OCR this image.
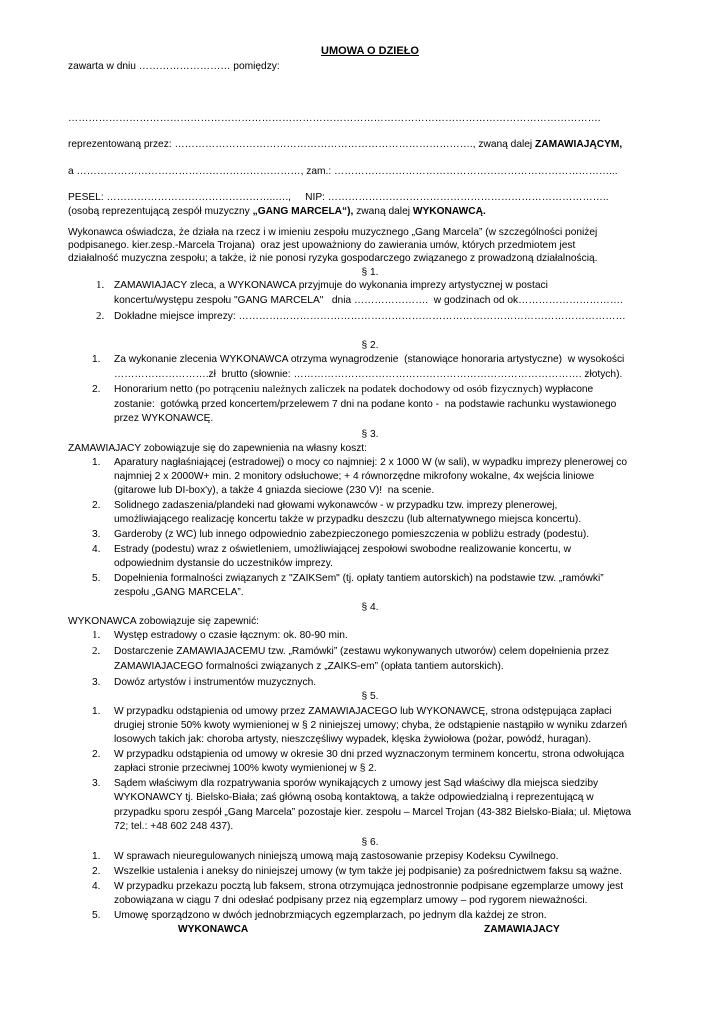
UMOWA O DZIEŁO
zawarta w dniu ……………………… pomiędzy:
………………………………………………………………………………………………………………………………………….
reprezentowaną przez: ……………………………………………………………………………., zwaną dalej ZAMAWIAJĄCYM,
a …………………………………………………………, zam.: ………………………………………………………………………...
PESEL: …………………………………………..….,     NIP: ………………………………………………………………………..
(osobą reprezentującą zespół muzyczny „GANG MARCELA“), zwaną dalej WYKONAWCĄ.
Wykonawca oświadcza, że działa na rzecz i w imieniu zespołu muzycznego „Gang Marcela” (w szczególności poniżej
podpisanego. kier.zesp.-Marcela Trojana)  oraz jest upoważniony do zawierania umów, których przedmiotem jest
działalność muzyczna zespołu; a także, iż nie ponosi ryzyka gospodarczego związanego z prowadzoną działalnością.
§ 1.
1. ZAMAWIAJACY zleca, a WYKONAWCA przyjmuje do wykonania imprezy artystycznej w postaci
koncertu/występu zespołu "GANG MARCELA"   dnia ………………….  w godzinach od ok………………………….
2. Dokładne miejsce imprezy: ……………………………………………………………………………………………………
§ 2.
1. Za wykonanie zlecenia WYKONAWCA otrzyma wynagrodzenie  (stanowiące honoraria artystyczne)  w wysokości
……………………….zł  brutto (słownie: …………………………………………………………………………. złotych).
2. Honorarium netto (po potrąceniu należnych zaliczek na podatek dochodowy od osób fizycznych) wypłacone
zostanie:  gotówką przed koncertem/przelewem 7 dni na podane konto -  na podstawie rachunku wystawionego
przez WYKONAWCĘ.
§ 3.
ZAMAWIAJACY zobowiązuje się do zapewnienia na własny koszt:
1. Aparatury nagłaśniającej (estradowej) o mocy co najmniej: 2 x 1000 W (w sali), w wypadku imprezy plenerowej co
najmniej 2 x 2000W+ min. 2 monitory odsłuchowe; + 4 równorzędne mikrofony wokalne, 4x wejścia liniowe
(gitarowe lub DI-box'y), a także 4 gniazda sieciowe (230 V)!  na scenie.
2. Solidnego zadaszenia/plandeki nad głowami wykonawców - w przypadku tzw. imprezy plenerowej,
umożliwiającego realizację koncertu także w przypadku deszczu (lub alternatywnego miejsca koncertu).
3. Garderoby (z WC) lub innego odpowiednio zabezpieczonego pomieszczenia w pobliżu estrady (podestu).
4. Estrady (podestu) wraz z oświetleniem, umożliwiającej zespołowi swobodne realizowanie koncertu, w
odpowiednim dystansie do uczestników imprezy.
5. Dopełnienia formalności związanych z "ZAIKSem" (tj. opłaty tantiem autorskich) na podstawie tzw. „ramówki”
zespołu „GANG MARCELA”.
§ 4.
WYKONAWCA zobowiązuje się zapewnić:
1. Występ estradowy o czasie łącznym: ok. 80-90 min.
2. Dostarczenie ZAMAWIAJACEMU tzw. „Ramówki” (zestawu wykonywanych utworów) celem dopełnienia przez
ZAMAWIAJACEGO formalności związanych z „ZAIKS-em” (opłata tantiem autorskich).
3. Dowóz artystów i instrumentów muzycznych.
§ 5.
1. W przypadku odstąpienia od umowy przez ZAMAWIAJACEGO lub WYKONAWCĘ, strona odstępująca zapłaci
drugiej stronie 50% kwoty wymienionej w § 2 niniejszej umowy; chyba, że odstąpienie nastąpiło w wyniku zdarzeń
losowych takich jak: choroba artysty, nieszczęśliwy wypadek, klęska żywiołowa (pożar, powódź, huragan).
2. W przypadku odstąpienia od umowy w okresie 30 dni przed wyznaczonym terminem koncertu, strona odwołująca
zapłaci stronie przeciwnej 100% kwoty wymienionej w § 2.
3. Sądem właściwym dla rozpatrywania sporów wynikających z umowy jest Sąd właściwy dla miejsca siedziby
WYKONAWCY tj. Bielsko-Biała; zaś główną osobą kontaktową, a także odpowiedzialną i reprezentującą w
przypadku sporu zespół „Gang Marcela” pozostaje kier. zespołu – Marcel Trojan (43-382 Bielsko-Biała; ul. Miętowa
72; tel.: +48 602 248 437).
§ 6.
1. W sprawach nieuregulowanych niniejszą umową mają zastosowanie przepisy Kodeksu Cywilnego.
2. Wszelkie ustalenia i aneksy do niniejszej umowy (w tym także jej podpisanie) za pośrednictwem faksu są ważne.
4. W przypadku przekazu pocztą lub faksem, strona otrzymująca jednostronnie podpisane egzemplarze umowy jest
zobowiązana w ciągu 7 dni odesłać podpisany przez nią egzemplarz umowy – pod rygorem nieważności.
5. Umowę sporządzono w dwóch jednobrzmiących egzemplarzach, po jednym dla każdej ze stron.
WYKONAWCA	ZAMAWIAJACY
